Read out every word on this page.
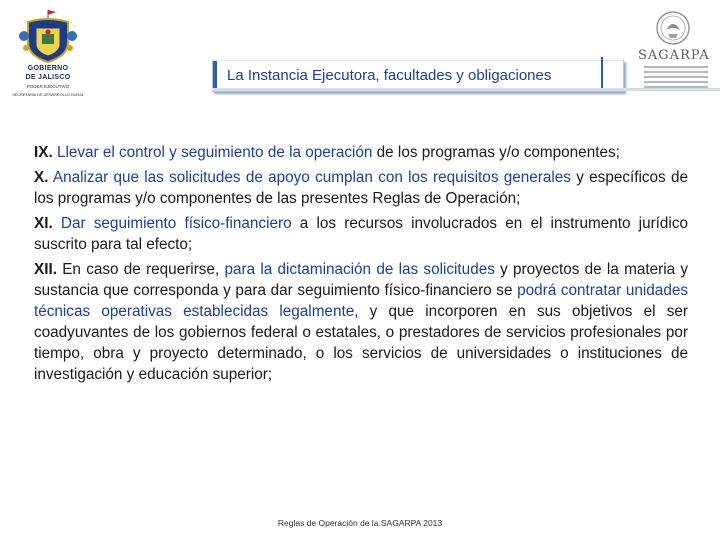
GOBIERNO
DE JALISCO
PODER EJECUTIVO
SECRETARÍA DE DESARROLLO RURAL
La Instancia Ejecutora, facultades y obligaciones
SAGARPA

IX. Llevar el control y seguimiento de la operación de los programas y/o componentes;

X. Analizar que las solicitudes de apoyo cumplan con los requisitos generales y específicos de los programas y/o componentes de las presentes Reglas de Operación;

XI. Dar seguimiento físico-financiero a los recursos involucrados en el instrumento jurídico suscrito para tal efecto;

XII. En caso de requerirse, para la dictaminación de las solicitudes y proyectos de la materia y sustancia que corresponda y para dar seguimiento físico-financiero se podrá contratar unidades técnicas operativas establecidas legalmente, y que incorporen en sus objetivos el ser coadyuvantes de los gobiernos federal o estatales, o prestadores de servicios profesionales por tiempo, obra y proyecto determinado, o los servicios de universidades o instituciones de investigación y educación superior;

Reglas de Operación de la SAGARPA 2013
